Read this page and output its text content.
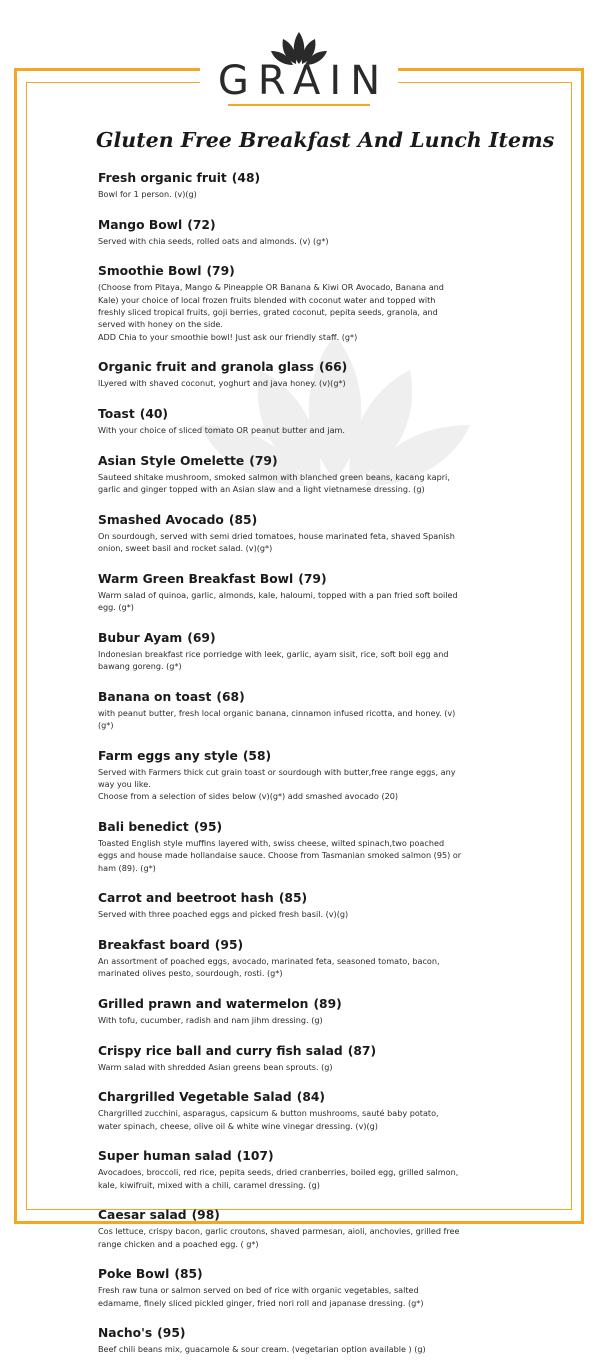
GRAIN
Gluten Free Breakfast And Lunch Items
Fresh organic fruit (48)

Bowl for 1 person. (v)(g)

Mango Bowl (72)

Served with chia seeds, rolled oats and almonds. (v) (g*)

Smoothie Bowl (79)

(Choose from Pitaya, Mango & Pineapple OR Banana & Kiwi OR Avocado, Banana and Kale) your choice of local frozen fruits blended with coconut water and topped with freshly sliced tropical fruits, goji berries, grated coconut, pepita seeds, granola, and served with honey on the side.

ADD Chia to your smoothie bowl! Just ask our friendly staff. (g*)

Organic fruit and granola glass (66)

lLyered with shaved coconut, yoghurt and java honey. (v)(g*)

Toast (40)

With your choice of sliced tomato OR peanut butter and jam.

Asian Style Omelette (79)

Sauteed shitake mushroom, smoked salmon with blanched green beans, kacang kapri, garlic and ginger topped with an Asian slaw and a light vietnamese dressing. (g)

Smashed Avocado (85)

On sourdough, served with semi dried tomatoes, house marinated feta, shaved Spanish onion, sweet basil and rocket salad. (v)(g*)

Warm Green Breakfast Bowl (79)

Warm salad of quinoa, garlic, almonds, kale, haloumi, topped with a pan fried soft boiled egg. (g*)

Bubur Ayam (69)

Indonesian breakfast rice porriedge with leek, garlic, ayam sisit, rice, soft boil egg and bawang goreng. (g*)

Banana on toast (68)

with peanut butter, fresh local organic banana, cinnamon infused ricotta, and honey. (v)(g*)

Farm eggs any style (58)

Served with Farmers thick cut grain toast or sourdough with butter,free range eggs, any way you like.

Choose from a selection of sides below (v)(g*) add smashed avocado (20)

Bali benedict (95)

Toasted English style muffins layered with, swiss cheese, wilted spinach,two poached eggs and house made hollandaise sauce. Choose from Tasmanian smoked salmon (95) or ham (89). (g*)

Carrot and beetroot hash (85)

Served with three poached eggs and picked fresh basil. (v)(g)

Breakfast board (95)

An assortment of poached eggs, avocado, marinated feta, seasoned tomato, bacon, marinated olives pesto, sourdough, rosti. (g*)

Grilled prawn and watermelon (89)

With tofu, cucumber, radish and nam jihm dressing. (g)

Crispy rice ball and curry fish salad (87)

Warm salad with shredded Asian greens bean sprouts. (g)

Chargrilled Vegetable Salad (84)

Chargrilled zucchini, asparagus, capsicum & button mushrooms, sauté baby potato, water spinach, cheese, olive oil & white wine vinegar dressing. (v)(g)

Super human salad (107)

Avocadoes, broccoli, red rice, pepita seeds, dried cranberries, boiled egg, grilled salmon, kale, kiwifruit, mixed with a chili, caramel dressing. (g)

Caesar salad (98)

Cos lettuce, crispy bacon, garlic croutons, shaved parmesan, aioli, anchovies, grilled free range chicken and a poached egg. ( g*)

Poke Bowl (85)

Fresh raw tuna or salmon served on bed of rice with organic vegetables, salted edamame, finely sliced pickled ginger, fried nori roll and japanase dressing. (g*)

Nacho's (95)

Beef chili beans mix, guacamole & sour cream. (vegetarian option available ) (g)
